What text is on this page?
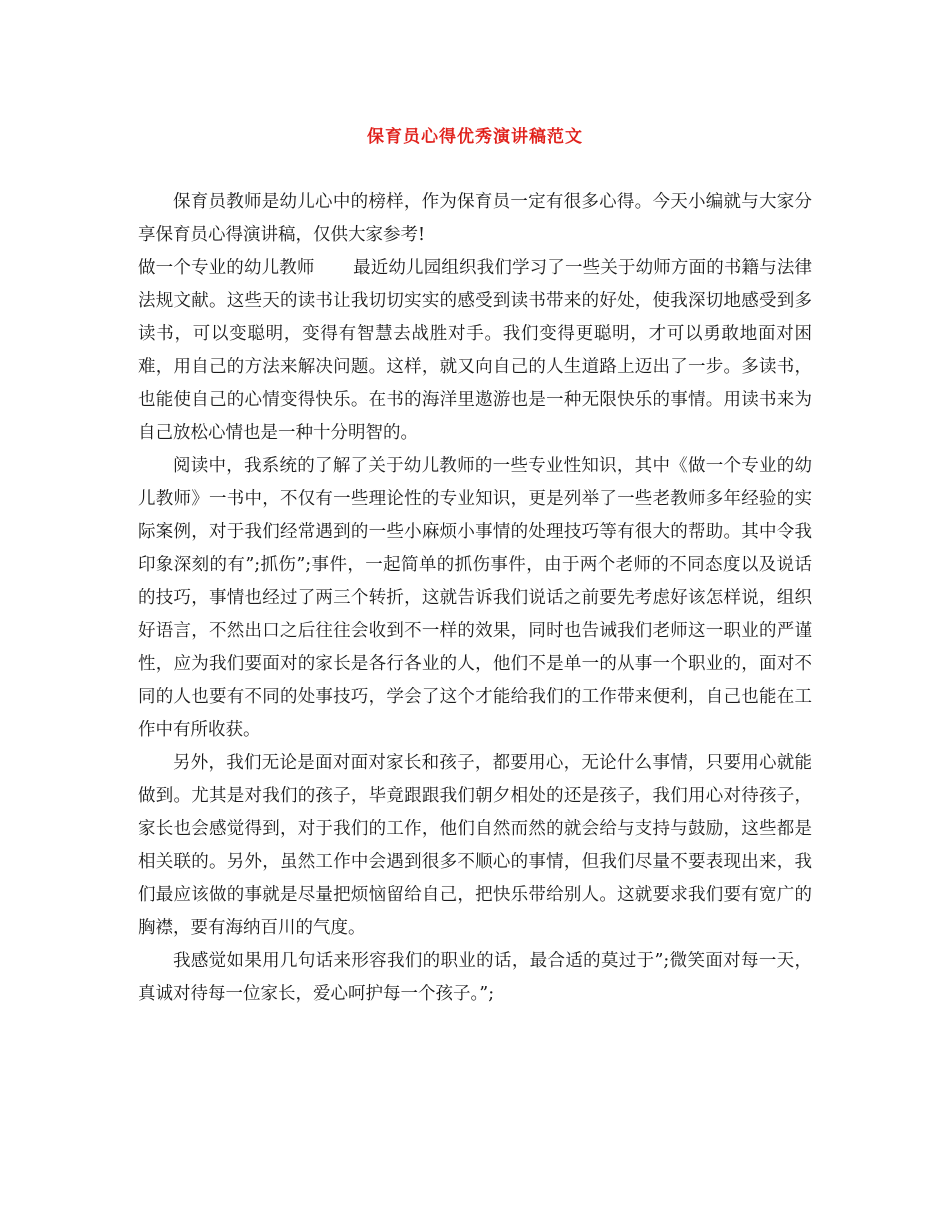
保育员心得优秀演讲稿范文

保育员教师是幼儿心中的榜样，作为保育员一定有很多心得。今天小编就与大家分享保育员心得演讲稿，仅供大家参考!

做一个专业的幼儿教师 最近幼儿园组织我们学习了一些关于幼师方面的书籍与法律法规文献。这些天的读书让我切切实实的感受到读书带来的好处，使我深切地感受到多读书，可以变聪明，变得有智慧去战胜对手。我们变得更聪明，才可以勇敢地面对困难，用自己的方法来解决问题。这样，就又向自己的人生道路上迈出了一步。多读书，也能使自己的心情变得快乐。在书的海洋里遨游也是一种无限快乐的事情。用读书来为自己放松心情也是一种十分明智的。

阅读中，我系统的了解了关于幼儿教师的一些专业性知识，其中《做一个专业的幼儿教师》一书中，不仅有一些理论性的专业知识，更是列举了一些老教师多年经验的实际案例，对于我们经常遇到的一些小麻烦小事情的处理技巧等有很大的帮助。其中令我印象深刻的有”;抓伤”;事件，一起简单的抓伤事件，由于两个老师的不同态度以及说话的技巧，事情也经过了两三个转折，这就告诉我们说话之前要先考虑好该怎样说，组织好语言，不然出口之后往往会收到不一样的效果，同时也告诫我们老师这一职业的严谨性，应为我们要面对的家长是各行各业的人，他们不是单一的从事一个职业的，面对不同的人也要有不同的处事技巧，学会了这个才能给我们的工作带来便利，自己也能在工作中有所收获。

另外，我们无论是面对面对家长和孩子，都要用心，无论什么事情，只要用心就能做到。尤其是对我们的孩子，毕竟跟跟我们朝夕相处的还是孩子，我们用心对待孩子，家长也会感觉得到，对于我们的工作，他们自然而然的就会给与支持与鼓励，这些都是相关联的。另外，虽然工作中会遇到很多不顺心的事情，但我们尽量不要表现出来，我们最应该做的事就是尽量把烦恼留给自己，把快乐带给别人。这就要求我们要有宽广的胸襟，要有海纳百川的气度。

我感觉如果用几句话来形容我们的职业的话，最合适的莫过于”;微笑面对每一天，真诚对待每一位家长，爱心呵护每一个孩子。”;
